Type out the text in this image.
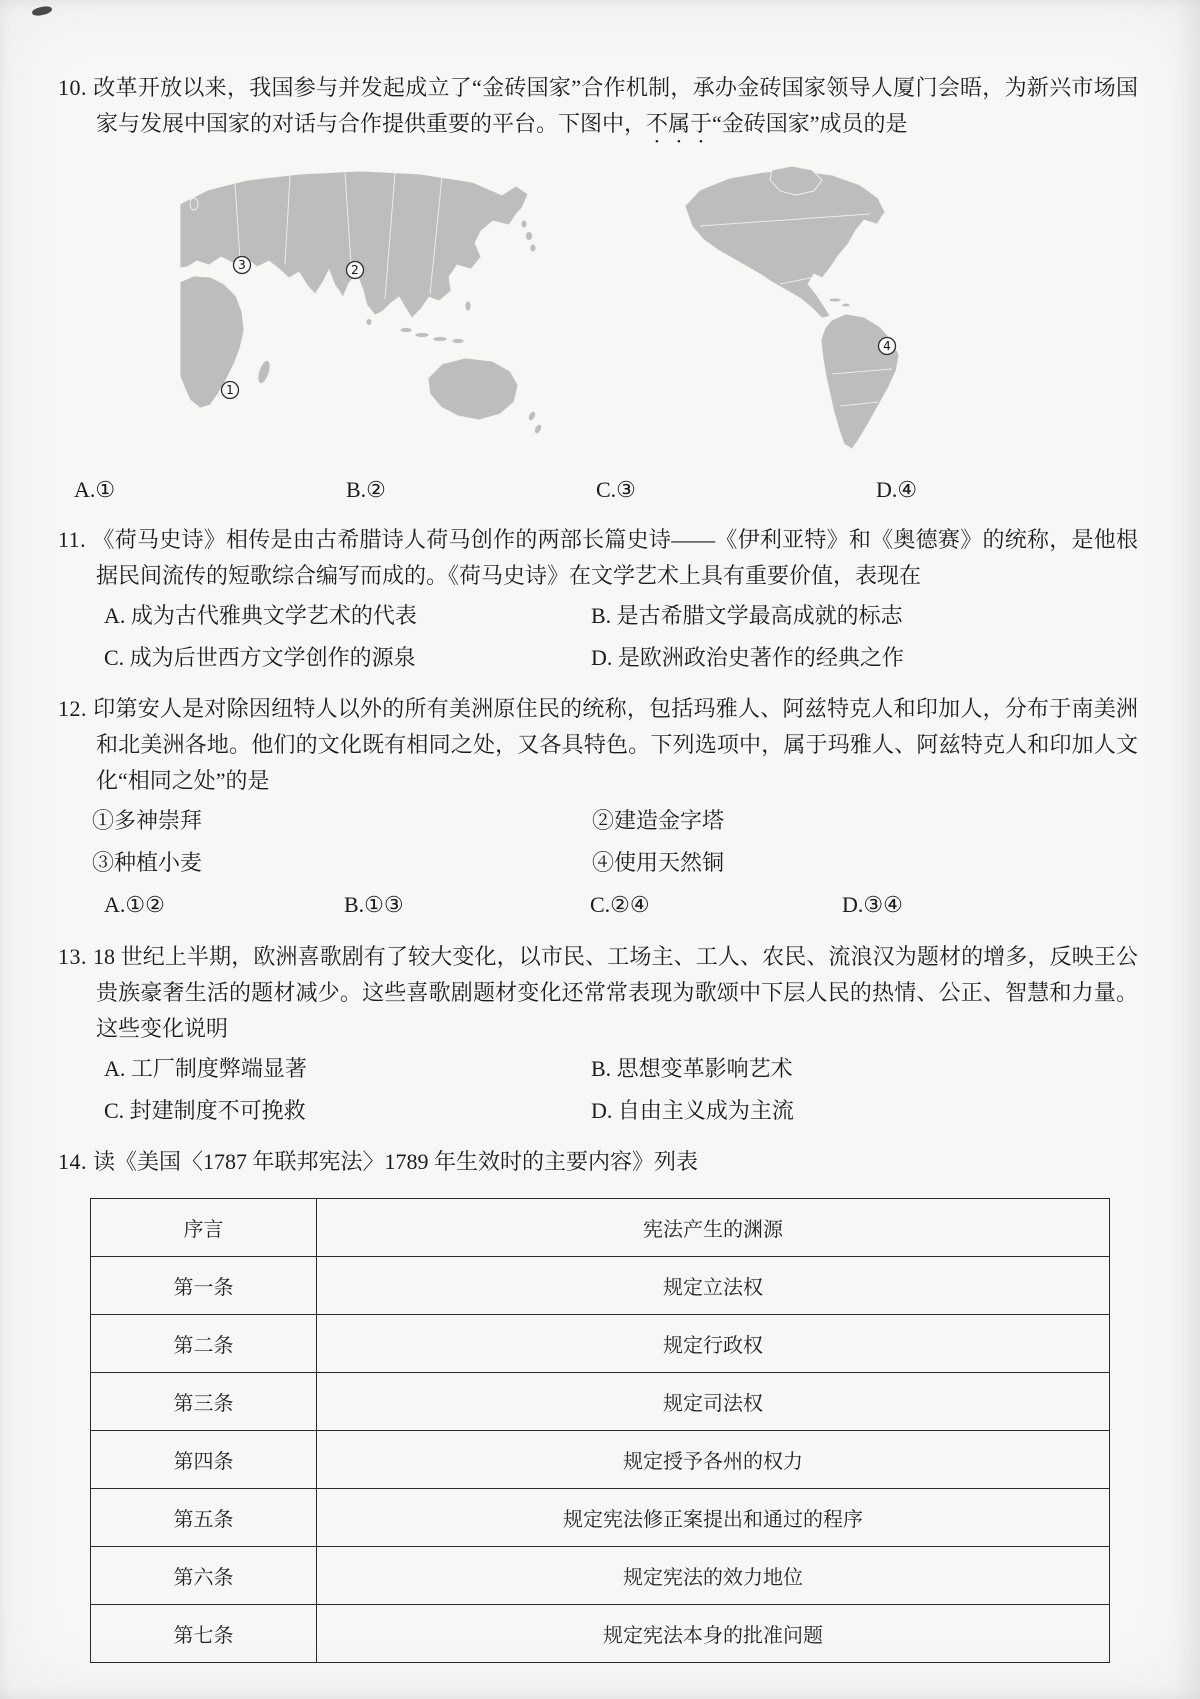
10. 改革开放以来，我国参与并发起成立了“金砖国家”合作机制，承办金砖国家领导人厦门会晤，为新兴市场国家与发展中国家的对话与合作提供重要的平台。下图中，不属于“金砖国家”成员的是

1
2
3
4
A.①	B.②	C.③	D.④

11. 《荷马史诗》相传是由古希腊诗人荷马创作的两部长篇史诗——《伊利亚特》和《奥德赛》的统称，是他根据民间流传的短歌综合编写而成的。《荷马史诗》在文学艺术上具有重要价值，表现在

A. 成为古代雅典文学艺术的代表	B. 是古希腊文学最高成就的标志
C. 成为后世西方文学创作的源泉	D. 是欧洲政治史著作的经典之作

12. 印第安人是对除因纽特人以外的所有美洲原住民的统称，包括玛雅人、阿兹特克人和印加人，分布于南美洲和北美洲各地。他们的文化既有相同之处，又各具特色。下列选项中，属于玛雅人、阿兹特克人和印加人文化“相同之处”的是

①多神崇拜	②建造金字塔
③种植小麦	④使用天然铜
A.①②	B.①③	C.②④	D.③④

13. 18 世纪上半期，欧洲喜歌剧有了较大变化，以市民、工场主、工人、农民、流浪汉为题材的增多，反映王公贵族豪奢生活的题材减少。这些喜歌剧题材变化还常常表现为歌颂中下层人民的热情、公正、智慧和力量。这些变化说明

A. 工厂制度弊端显著	B. 思想变革影响艺术
C. 封建制度不可挽救	D. 自由主义成为主流

14. 读《美国〈1787 年联邦宪法〉1789 年生效时的主要内容》列表

序言	宪法产生的渊源
第一条	规定立法权
第二条	规定行政权
第三条	规定司法权
第四条	规定授予各州的权力
第五条	规定宪法修正案提出和通过的程序
第六条	规定宪法的效力地位
第七条	规定宪法本身的批准问题
